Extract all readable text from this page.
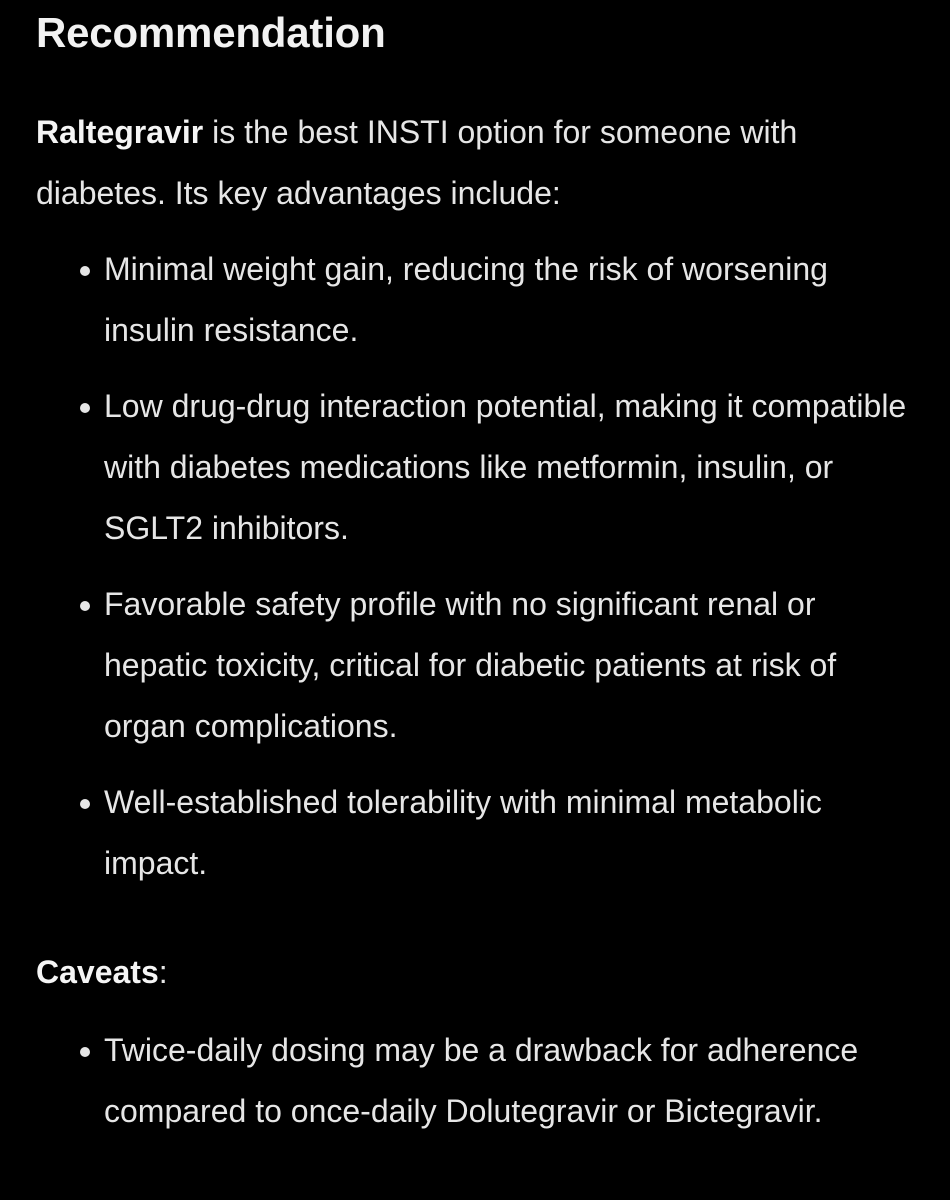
Recommendation

Raltegravir is the best INSTI option for someone with diabetes. Its key advantages include:

Minimal weight gain, reducing the risk of worsening insulin resistance.
Low drug-drug interaction potential, making it compatible with diabetes medications like metformin, insulin, or SGLT2 inhibitors.
Favorable safety profile with no significant renal or hepatic toxicity, critical for diabetic patients at risk of organ complications.
Well-established tolerability with minimal metabolic impact.

Caveats:

Twice-daily dosing may be a drawback for adherence compared to once-daily Dolutegravir or Bictegravir.
